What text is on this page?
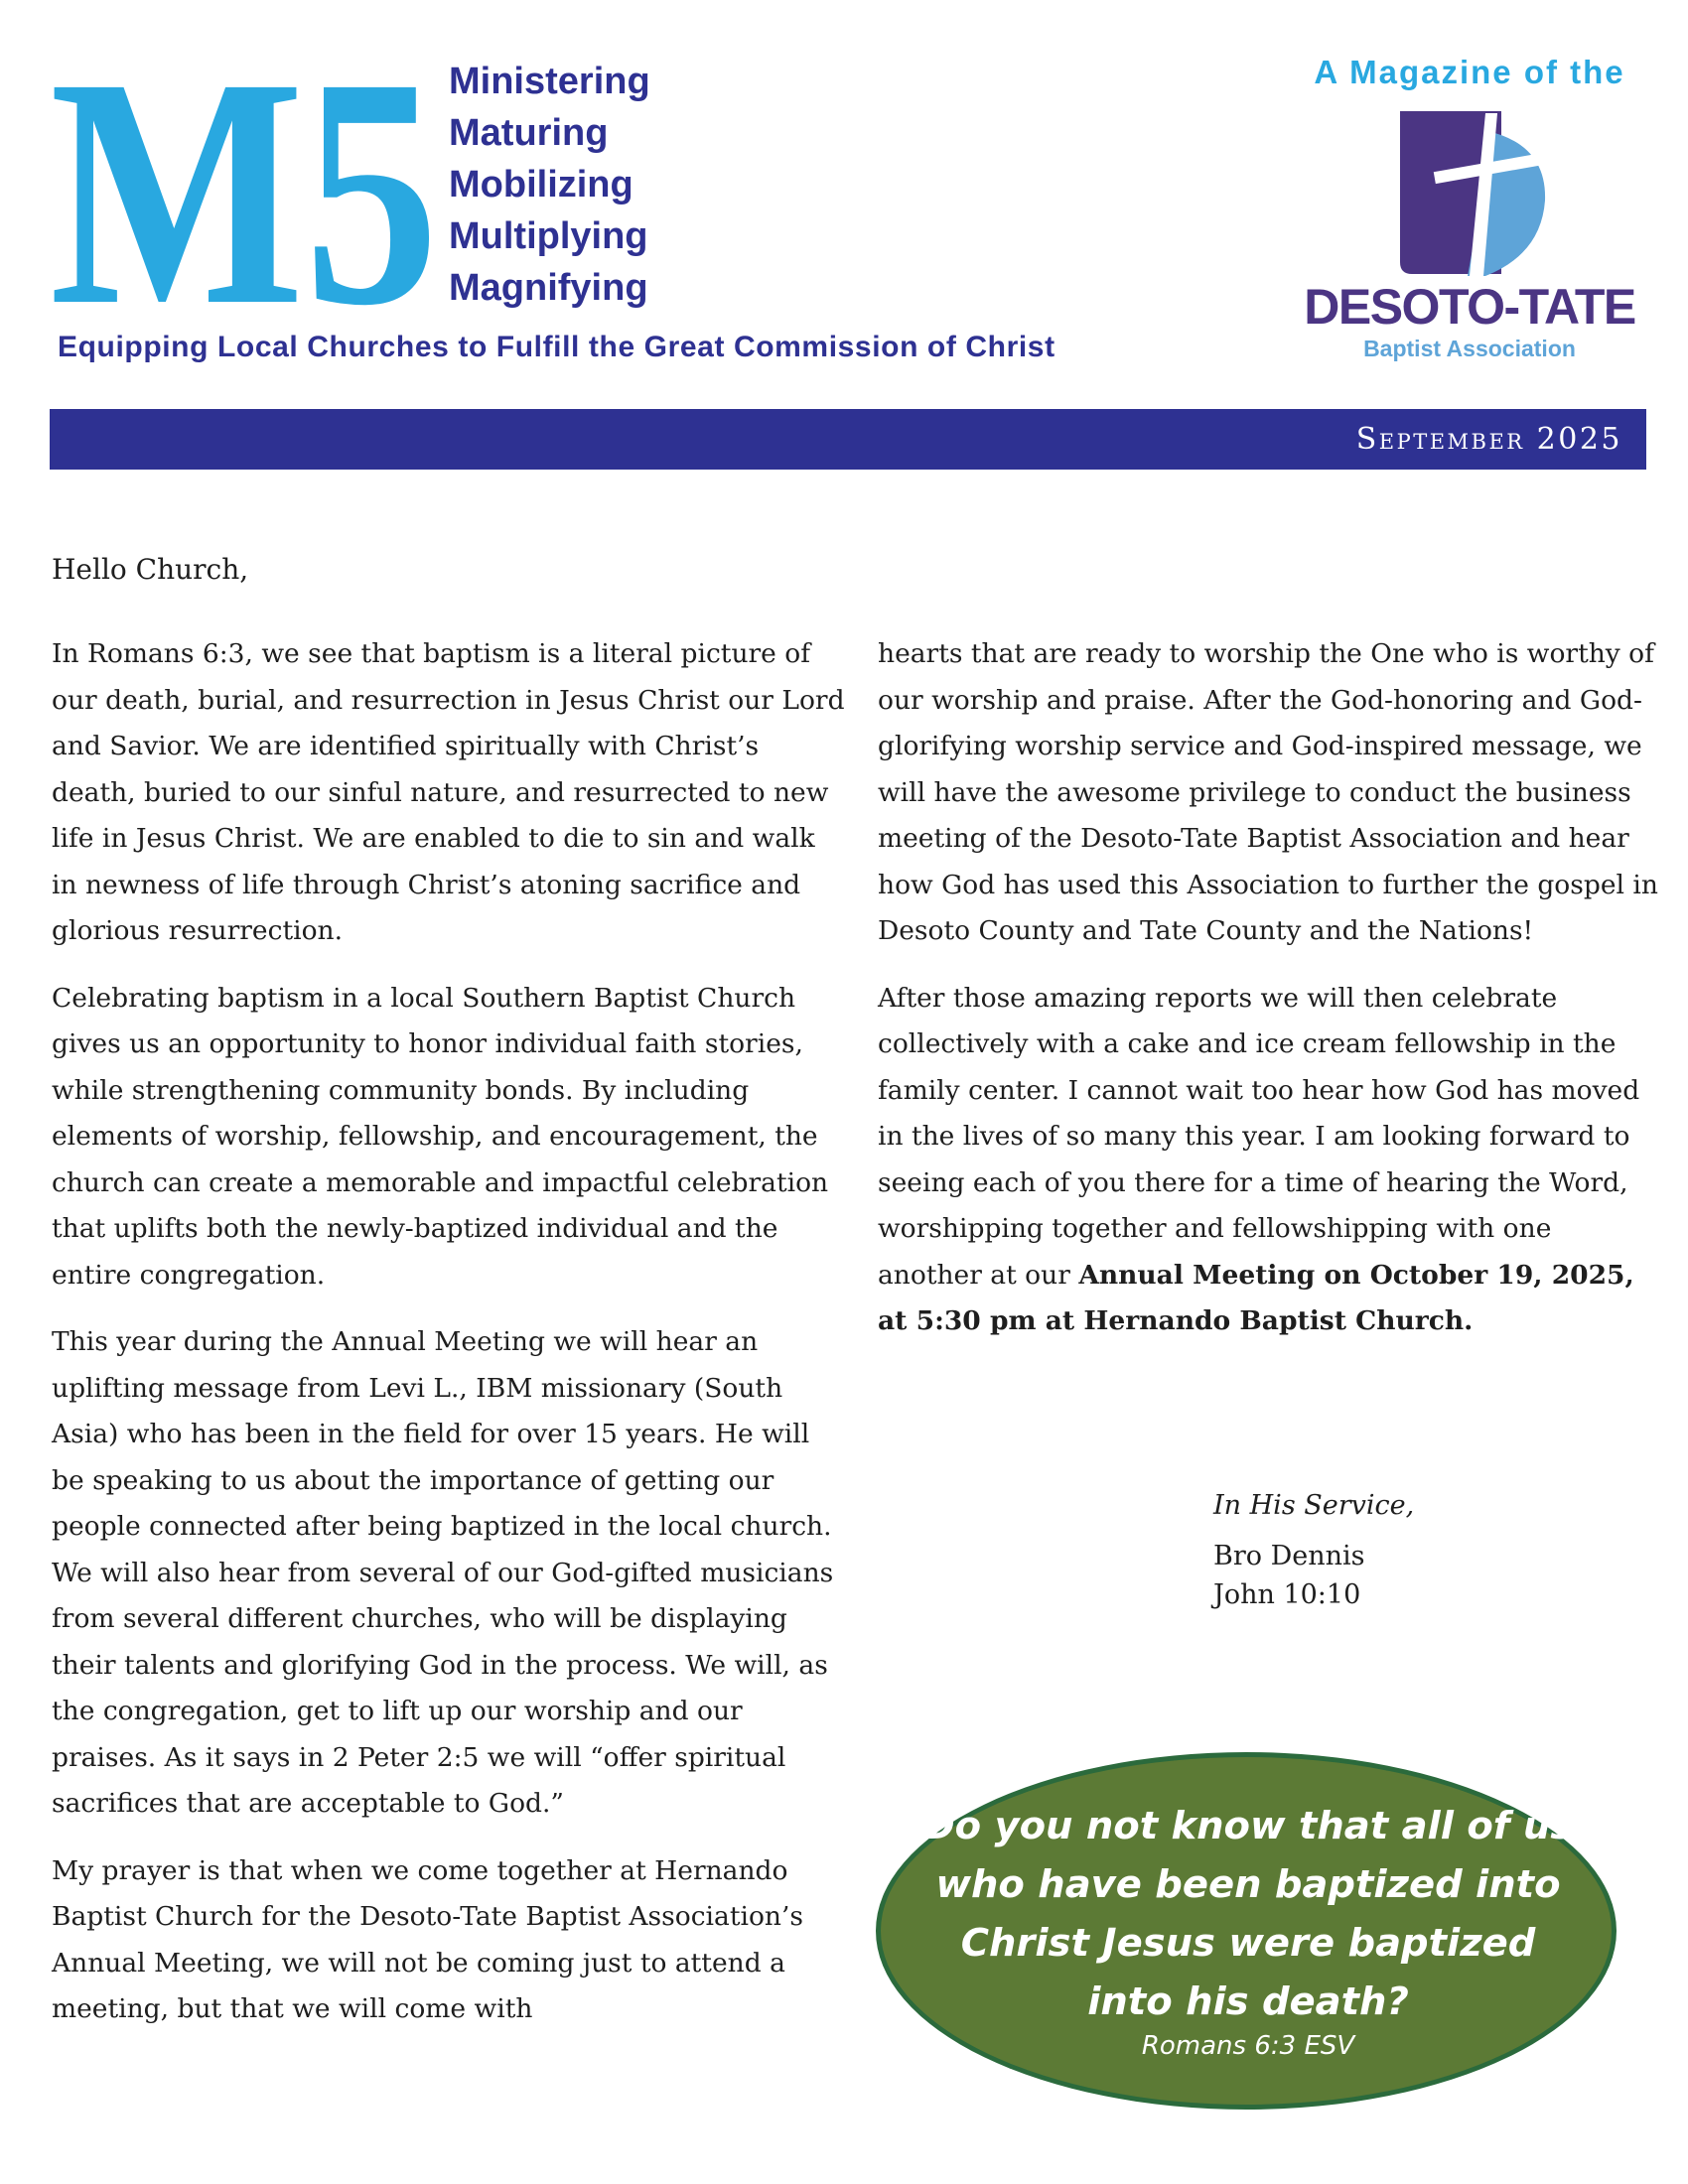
M5 Ministering
Maturing
Mobilizing
Multiplying
Magnifying
Equipping Local Churches to Fulfill the Great Commission of Christ
A Magazine of the
DESOTO-TATE
Baptist Association
September 2025
Hello Church,

In Romans 6:3, we see that baptism is a literal picture of our death, burial, and resurrection in Jesus Christ our Lord and Savior. We are identified spiritually with Christ’s death, buried to our sinful nature, and resurrected to new life in Jesus Christ. We are enabled to die to sin and walk in newness of life through Christ’s atoning sacrifice and glorious resurrection.

Celebrating baptism in a local Southern Baptist Church gives us an opportunity to honor individual faith stories, while strengthening community bonds. By including elements of worship, fellowship, and encouragement, the church can create a memorable and impactful celebration that uplifts both the newly-baptized individual and the entire congregation.

This year during the Annual Meeting we will hear an uplifting message from Levi L., IBM missionary (South Asia) who has been in the field for over 15 years. He will be speaking to us about the importance of getting our people connected after being baptized in the local church. We will also hear from several of our God-gifted musicians from several different churches, who will be displaying their talents and glorifying God in the process. We will, as the congregation, get to lift up our worship and our praises. As it says in 2 Peter 2:5 we will “offer spiritual sacrifices that are acceptable to God.”

My prayer is that when we come together at Hernando Baptist Church for the Desoto-Tate Baptist Association’s Annual Meeting, we will not be coming just to attend a meeting, but that we will come with

hearts that are ready to worship the One who is worthy of our worship and praise. After the God-honoring and God-glorifying worship service and God-inspired message, we will have the awesome privilege to conduct the business meeting of the Desoto-Tate Baptist Association and hear how God has used this Association to further the gospel in Desoto County and Tate County and the Nations!

After those amazing reports we will then celebrate collectively with a cake and ice cream fellowship in the family center. I cannot wait too hear how God has moved in the lives of so many this year. I am looking forward to seeing each of you there for a time of hearing the Word, worshipping together and fellowshipping with one another at our Annual Meeting on October 19, 2025, at 5:30 pm at Hernando Baptist Church.

In His Service,
Bro Dennis
John 10:10
Do you not know that all of us who have been baptized into Christ Jesus were baptized into his death?
Romans 6:3 ESV
